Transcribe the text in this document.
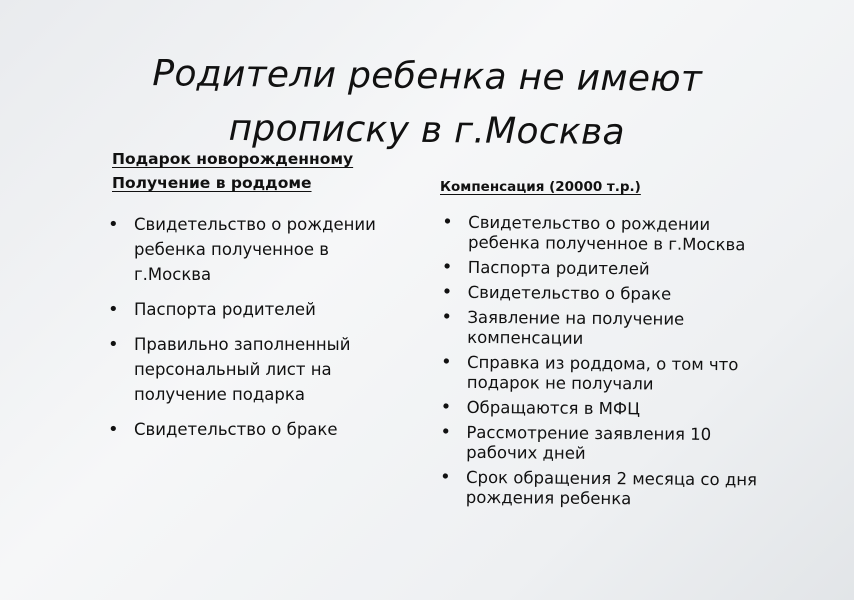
Родители ребенка не имеют
прописку в г.Москва
Подарок новорожденному
Получение в роддоме	Компенсация (20000 т.р.)
• Свидетельство о рождении ребенка полученное в г.Москва
• Паспорта родителей
• Правильно заполненный персональный лист на получение подарка
• Свидетельство о браке
• Свидетельство о рождении ребенка полученное в г.Москва
• Паспорта родителей
• Свидетельство о браке
• Заявление на получение компенсации
• Справка из роддома, о том что подарок не получали
• Обращаются в МФЦ
• Рассмотрение заявления 10 рабочих дней
• Срок обращения 2 месяца со дня рождения ребенка
